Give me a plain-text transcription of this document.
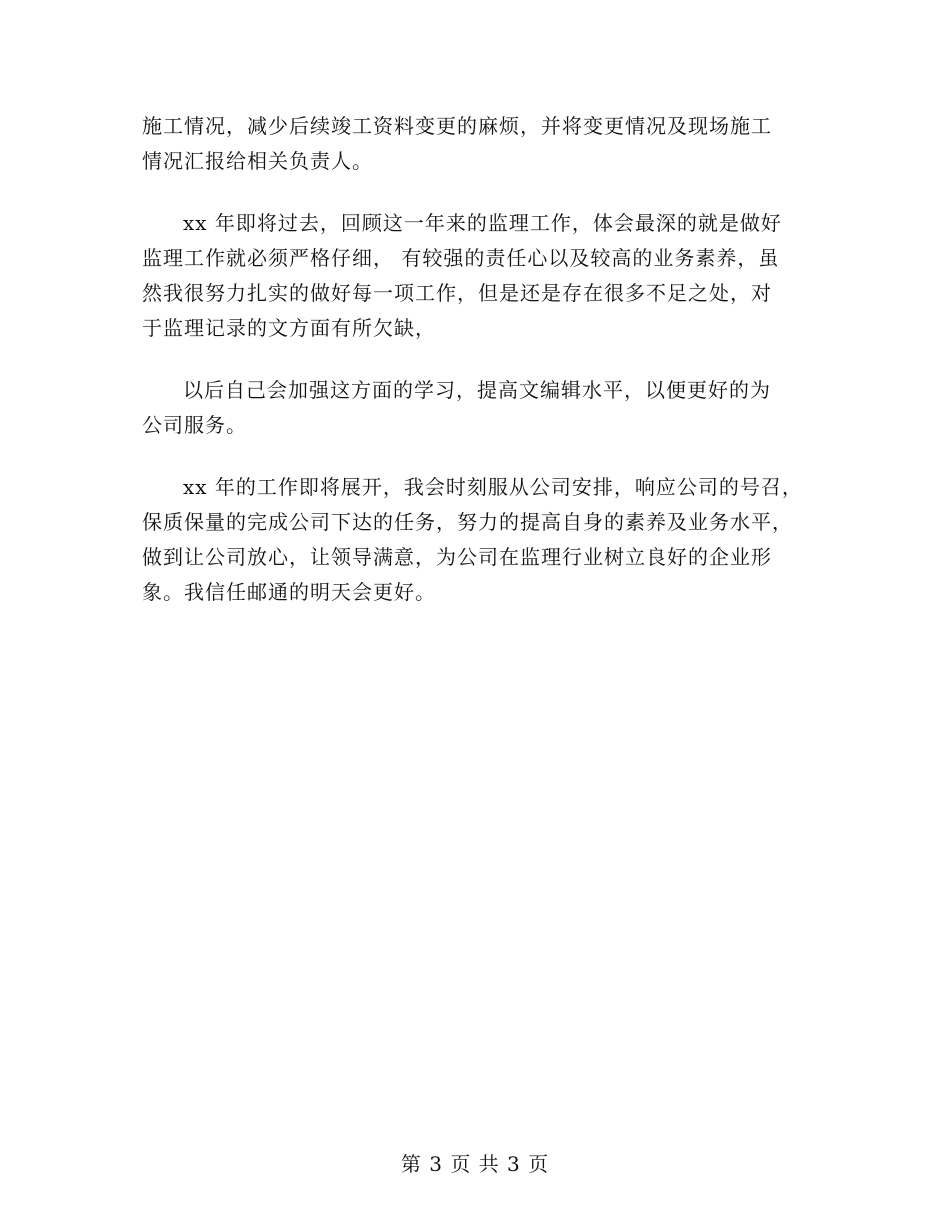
施工情况，减少后续竣工资料变更的麻烦，并将变更情况及现场施工
情况汇报给相关负责人。

xx 年即将过去，回顾这一年来的监理工作，体会最深的就是做好
监理工作就必须严格仔细， 有较强的责任心以及较高的业务素养，虽
然我很努力扎实的做好每一项工作，但是还是存在很多不足之处，对
于监理记录的文方面有所欠缺，

以后自己会加强这方面的学习，提高文编辑水平，以便更好的为
公司服务。

xx 年的工作即将展开，我会时刻服从公司安排，响应公司的号召，
保质保量的完成公司下达的任务，努力的提高自身的素养及业务水平，
做到让公司放心，让领导满意，为公司在监理行业树立良好的企业形
象。我信任邮通的明天会更好。

第 3 页 共 3 页
